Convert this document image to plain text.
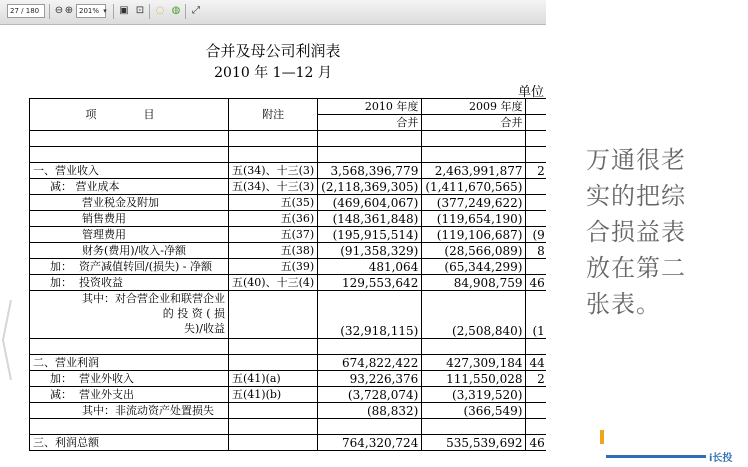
27 / 180	⊖ ⊕ 201% ▾	▣ ⊡ ◌ ◍	⤢
合并及母公司利润表
2010 年 1—12 月
单位
项　目	附注	2010 年度	2009 年度	
		合并	合并	

一、营业收入	五(34)、十三(3)	3,568,396,779	2,463,991,877	2
减： 营业成本	五(34)、十三(3)	(2,118,369,305)	(1,411,670,565)	
营业税金及附加	五(35)	(469,604,067)	(377,249,622)	
销售费用	五(36)	(148,361,848)	(119,654,190)	
管理费用	五(37)	(195,915,514)	(119,106,687)	(9
财务(费用)/收入-净额	五(38)	(91,358,329)	(28,566,089)	8
加： 资产减值转回/(损失) - 净额	五(39)	481,064	(65,344,299)	
加： 投资收益	五(40)、十三(4)	129,553,642	84,908,759	46

其中：对合营企业和联营企业
的 投 资 ( 损
失)/收益		(32,918,115)	(2,508,840)	(1

二、营业利润		674,822,422	427,309,184	44
加： 营业外收入	五(41)(a)	93,226,376	111,550,028	2
减： 营业外支出	五(41)(b)	(3,728,074)	(3,319,520)	
其中：非流动资产处置损失		(88,832)	(366,549)	

三、利润总额		764,320,724	535,539,692	46
万通很老
实的把综
合损益表
放在第二
张表。
i长投
